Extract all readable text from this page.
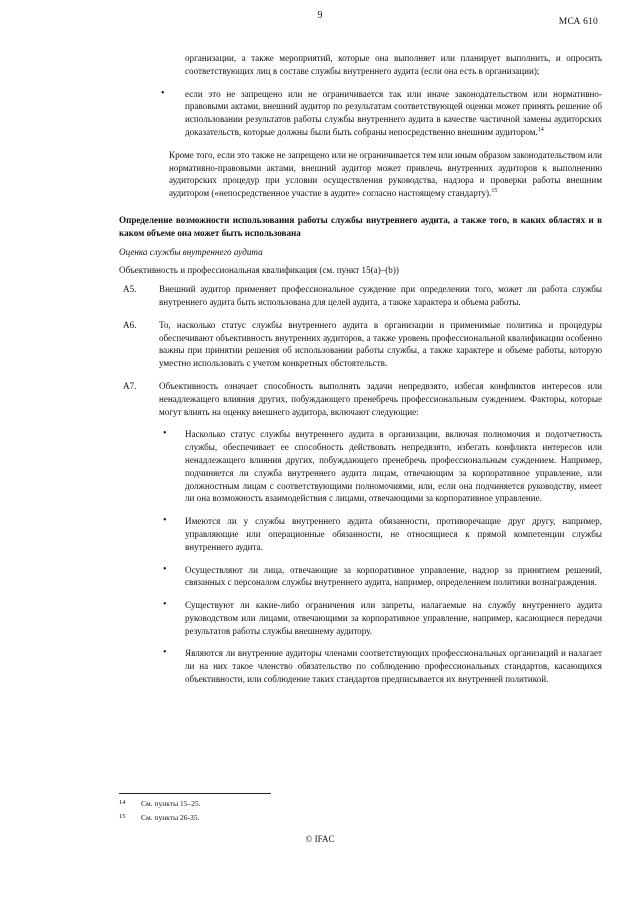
9
МСА 610

организации, а также мероприятий, которые она выполняет или планирует выполнить, и опросить соответствующих лиц в составе службы внутреннего аудита (если она есть в организации);

• если это не запрещено или не ограничивается так или иначе законодательством или нормативно-правовыми актами, внешний аудитор по результатам соответствующей оценки может принять решение об использовании результатов работы службы внутреннего аудита в качестве частичной замены аудиторских доказательств, которые должны были быть собраны непосредственно внешним аудитором.$^{14}$

Кроме того, если это также не запрещено или не ограничивается тем или иным образом законодательством или нормативно-правовыми актами, внешний аудитор может привлечь внутренних аудиторов к выполнению аудиторских процедур при условии осуществления руководства, надзора и проверки работы внешним аудитором («непосредственное участие в аудите» согласно настоящему стандарту).$^{15}$

Определение возможности использования работы службы внутреннего аудита, а также того, в каких областях и в каком объеме она может быть использована

Оценка службы внутреннего аудита

Объективность и профессиональная квалификация (см. пункт 15(a)–(b))

A5. Внешний аудитор применяет профессиональное суждение при определении того, может ли работа службы внутреннего аудита быть использована для целей аудита, а также характера и объема работы.

A6. То, насколько статус службы внутреннего аудита в организации и применимые политика и процедуры обеспечивают объективность внутренних аудиторов, а также уровень профессиональной квалификации особенно важны при принятии решения об использовании работы службы, а также характере и объеме работы, которую уместно использовать с учетом конкретных обстоятельств.

A7. Объективность означает способность выполнять задачи непредвзято, избегая конфликтов интересов или ненадлежащего влияния других, побуждающего пренебречь профессиональным суждением. Факторы, которые могут влиять на оценку внешнего аудитора, включают следующие:

• Насколько статус службы внутреннего аудита в организации, включая полномочия и подотчетность службы, обеспечивает ее способность действовать непредвзято, избегать конфликта интересов или ненадлежащего влияния других, побуждающего пренебречь профессиональным суждением. Например, подчиняется ли служба внутреннего аудита лицам, отвечающим за корпоративное управление, или должностным лицам с соответствующими полномочиями, или, если она подчиняется руководству, имеет ли она возможность взаимодействия с лицами, отвечающими за корпоративное управление.

• Имеются ли у службы внутреннего аудита обязанности, противоречащие друг другу, например, управляющие или операционные обязанности, не относящиеся к прямой компетенции службы внутреннего аудита.

• Осуществляют ли лица, отвечающие за корпоративное управление, надзор за принятием решений, связанных с персоналом службы внутреннего аудита, например, определением политики вознаграждения.

• Существуют ли какие-либо ограничения или запреты, налагаемые на службу внутреннего аудита руководством или лицами, отвечающими за корпоративное управление, например, касающиеся передачи результатов работы службы внешнему аудитору.

• Являются ли внутренние аудиторы членами соответствующих профессиональных организаций и налагает ли на них такое членство обязательство по соблюдению профессиональных стандартов, касающихся объективности, или соблюдение таких стандартов предписывается их внутренней политикой.

14 См. пункты 15–25.
15 См. пункты 26-35.
© IFAC
